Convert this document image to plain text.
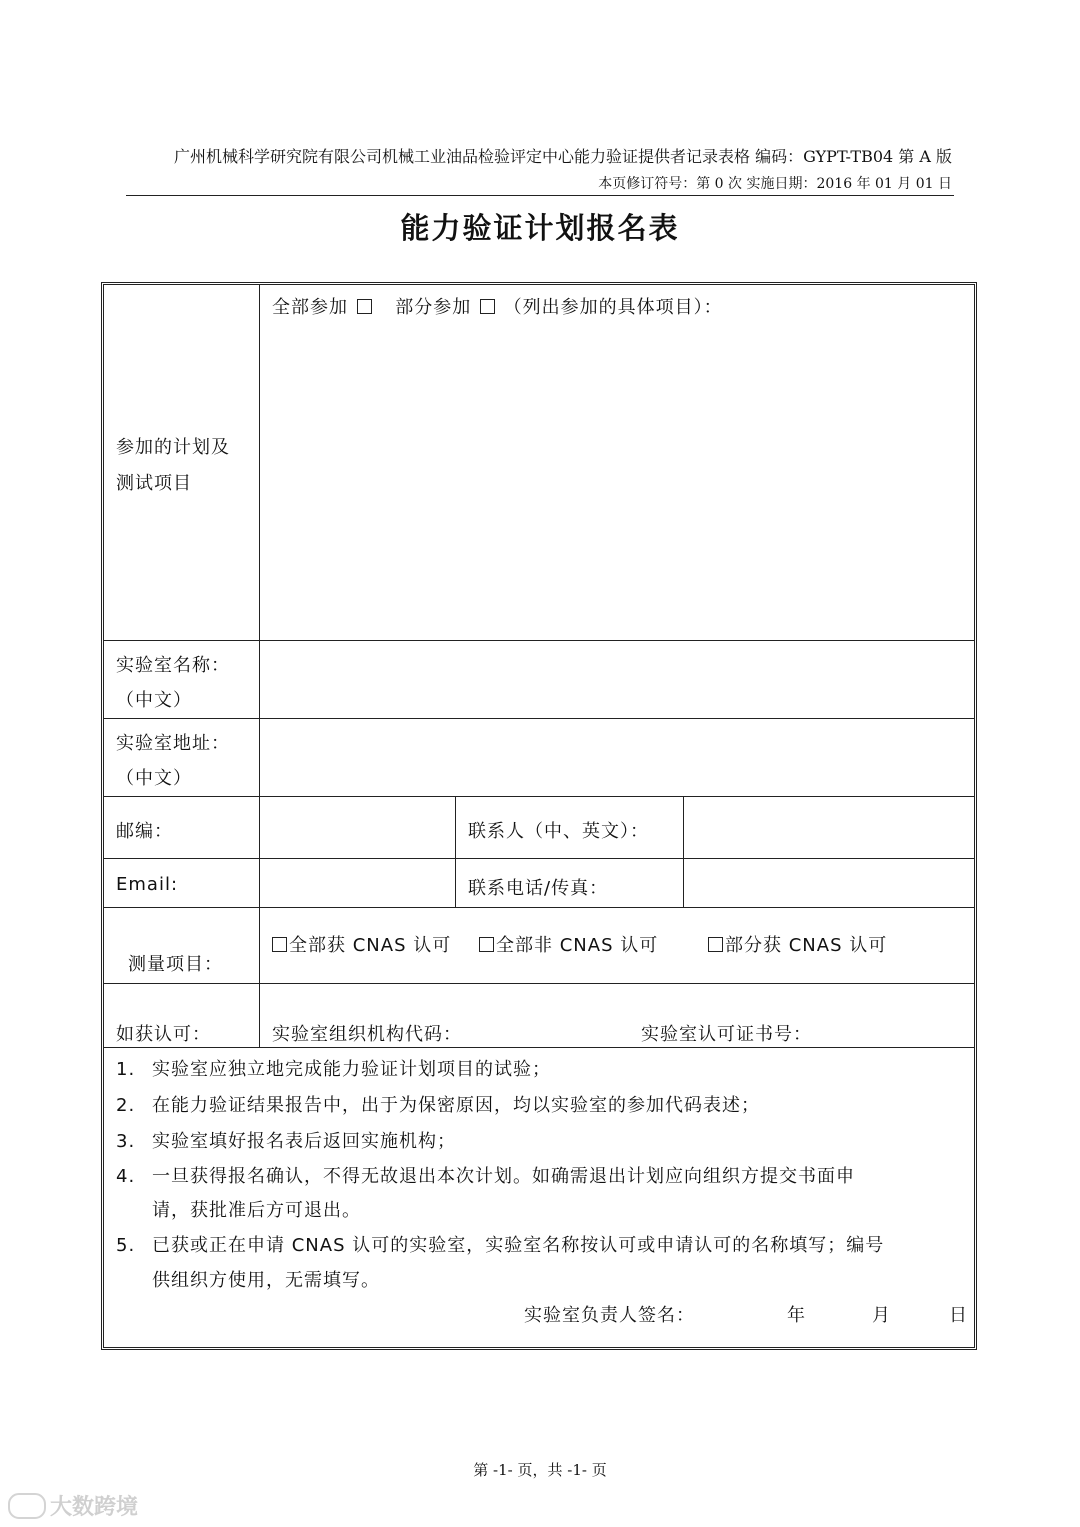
广州机械科学研究院有限公司机械工业油品检验评定中心能力验证提供者记录表格 编码：GYPT-TB04 第 A 版
本页修订符号：第 0 次 实施日期：2016 年 01 月 01 日
能力验证计划报名表
参加的计划及
测试项目
全部参加	部分参加 （列出参加的具体项目）：
实验室名称：
（中文）
实验室地址：
（中文）
邮编：	联系人（中、英文）：
Email:	联系电话/传真：
测量项目：
全部获 CNAS 认可	全部非 CNAS 认可	部分获 CNAS 认可
如获认可：	实验室组织机构代码：	实验室认可证书号：
1. 实验室应独立地完成能力验证计划项目的试验；
2. 在能力验证结果报告中，出于为保密原因，均以实验室的参加代码表述；
3. 实验室填好报名表后返回实施机构；
4. 一旦获得报名确认，不得无故退出本次计划。如确需退出计划应向组织方提交书面申
请，获批准后方可退出。
5. 已获或正在申请 CNAS 认可的实验室，实验室名称按认可或申请认可的名称填写；编号
供组织方使用，无需填写。
实验室负责人签名：	年	月	日
第 -1- 页，共 -1- 页
大数跨境
